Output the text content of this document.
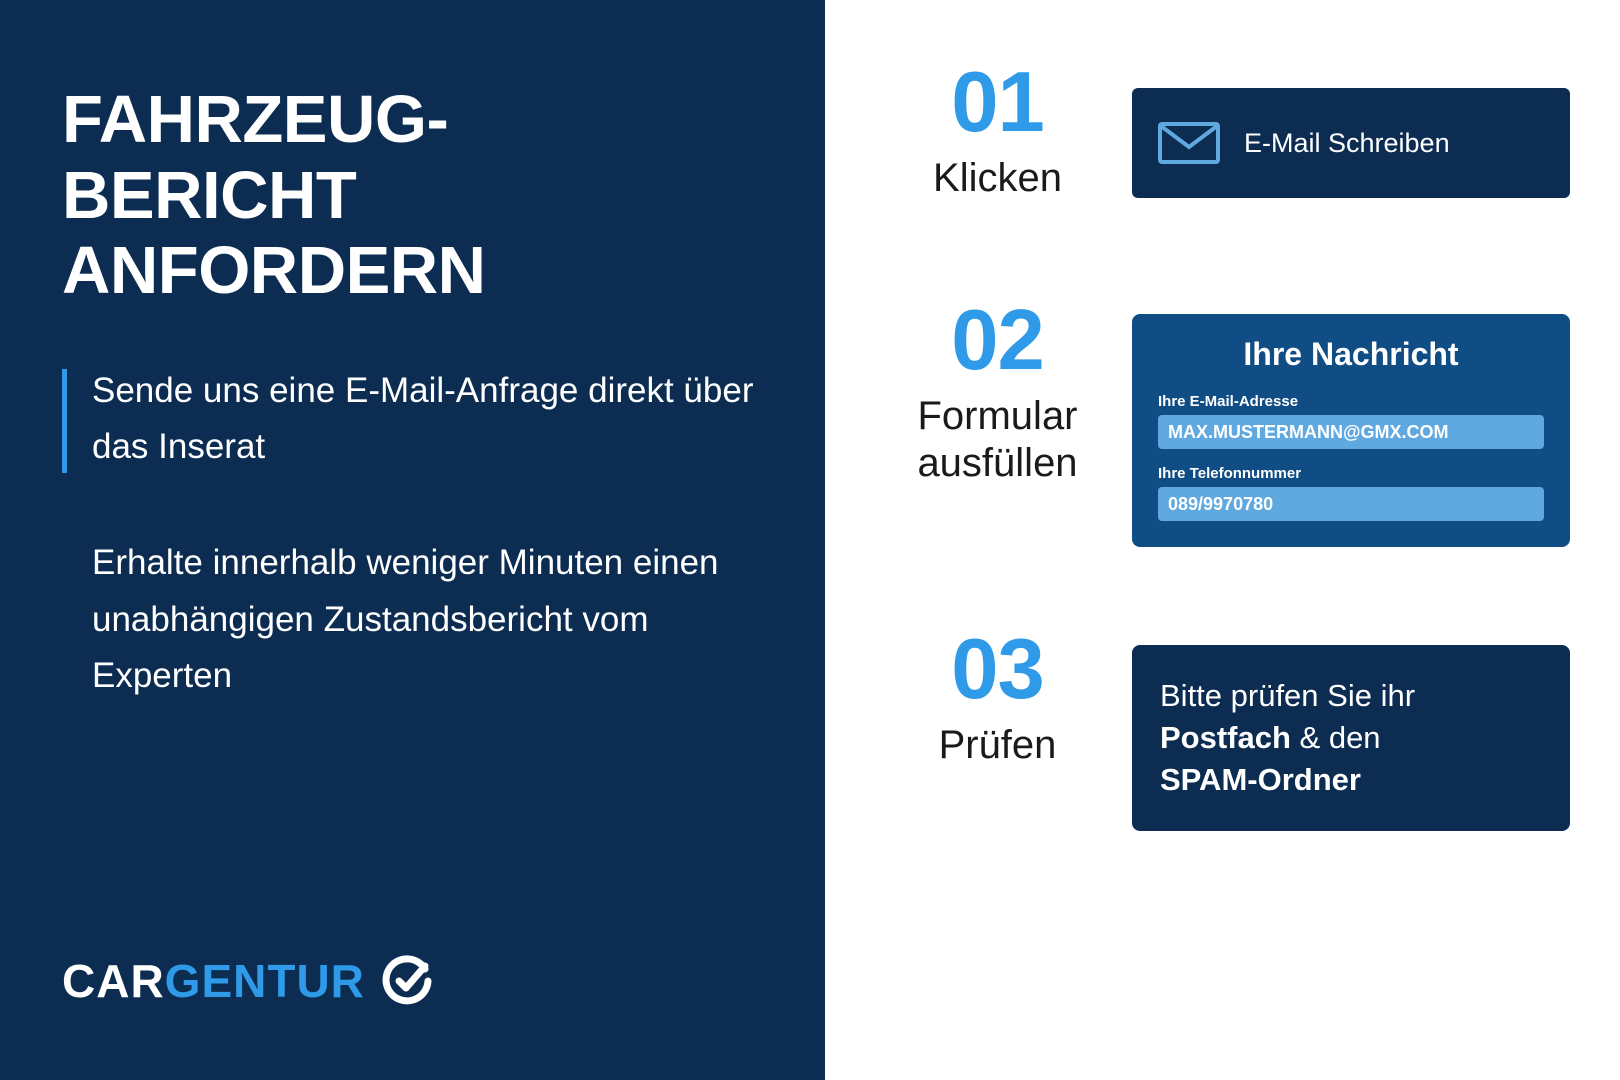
FAHRZEUG-
BERICHT
ANFORDERN
Sende uns eine E-Mail-Anfrage direkt über das Inserat
Erhalte innerhalb weniger Minuten einen unabhängigen Zustandsbericht vom Experten
CARGENTUR
01
Klicken
E-Mail Schreiben
02
Formular ausfüllen
Ihre Nachricht
Ihre E-Mail-Adresse
MAX.MUSTERMANN@GMX.COM
Ihre Telefonnummer
089/9970780
03
Prüfen
Bitte prüfen Sie ihr
Postfach & den
SPAM-Ordner
